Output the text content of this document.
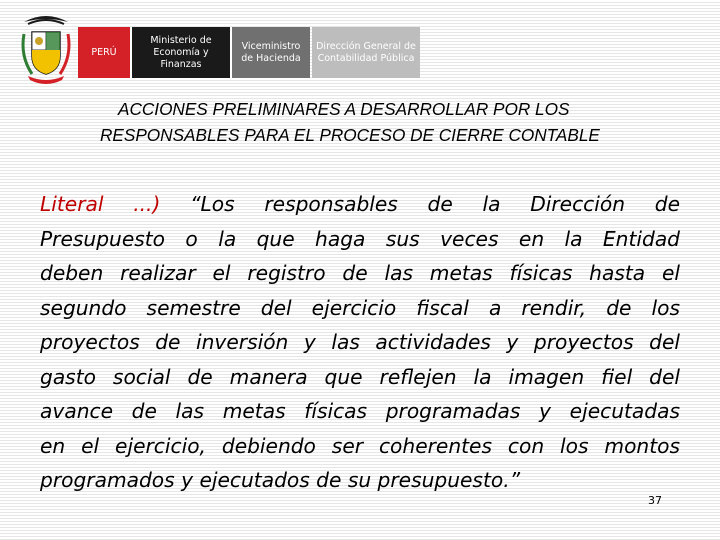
PERÚ
Ministerio de Economía y Finanzas
Viceministro de Hacienda
Dirección General de Contabilidad Pública
ACCIONES PRELIMINARES A DESARROLLAR POR LOS
RESPONSABLES PARA EL PROCESO DE CIERRE CONTABLE
Literal ...) “Los responsables de la Dirección de
Presupuesto o la que haga sus veces en la Entidad
deben realizar el registro de las metas físicas hasta el
segundo semestre del ejercicio fiscal a rendir, de los
proyectos de inversión y las actividades y proyectos del
gasto social de manera que reflejen la imagen fiel del
avance de las metas físicas programadas y ejecutadas
en el ejercicio, debiendo ser coherentes con los montos
programados y ejecutados de su presupuesto.”
37
